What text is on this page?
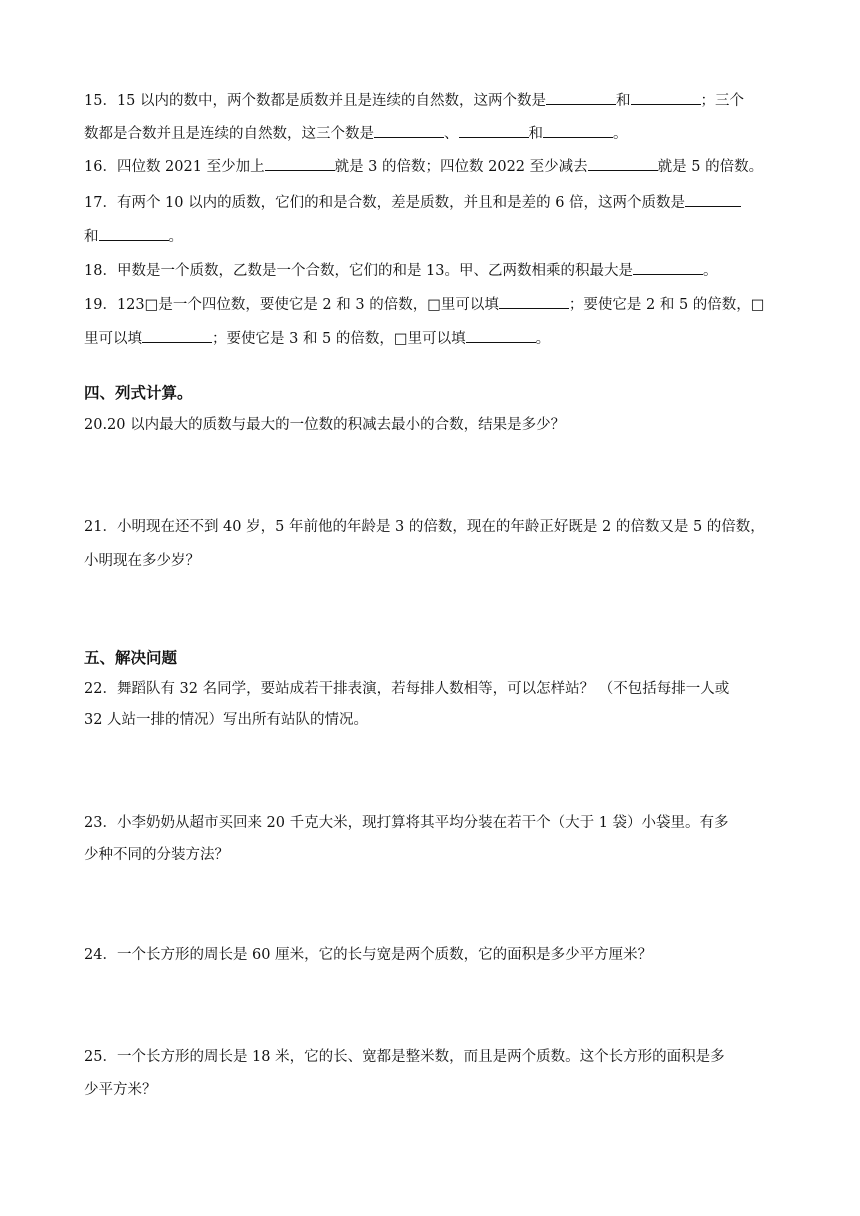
15．15 以内的数中，两个数都是质数并且是连续的自然数，这两个数是	和	；三个
数都是合数并且是连续的自然数，这三个数是	、	和	。
16．四位数 2021 至少加上	就是 3 的倍数；四位数 2022 至少减去	就是 5 的倍数。
17．有两个 10 以内的质数，它们的和是合数，差是质数，并且和是差的 6 倍，这两个质数是
和	。
18．甲数是一个质数，乙数是一个合数，它们的和是 13。甲、乙两数相乘的积最大是	。
19．123□是一个四位数，要使它是 2 和 3 的倍数，□里可以填	；要使它是 2 和 5 的倍数，□
里可以填	；要使它是 3 和 5 的倍数，□里可以填	。
四、列式计算。
20.20 以内最大的质数与最大的一位数的积减去最小的合数，结果是多少？
21．小明现在还不到 40 岁，5 年前他的年龄是 3 的倍数，现在的年龄正好既是 2 的倍数又是 5 的倍数，
小明现在多少岁？
五、解决问题
22．舞蹈队有 32 名同学，要站成若干排表演，若每排人数相等，可以怎样站？ （不包括每排一人或
32 人站一排的情况）写出所有站队的情况。
23．小李奶奶从超市买回来 20 千克大米，现打算将其平均分装在若干个（大于 1 袋）小袋里。有多
少种不同的分装方法？
24．一个长方形的周长是 60 厘米，它的长与宽是两个质数，它的面积是多少平方厘米？
25．一个长方形的周长是 18 米，它的长、宽都是整米数，而且是两个质数。这个长方形的面积是多
少平方米？
